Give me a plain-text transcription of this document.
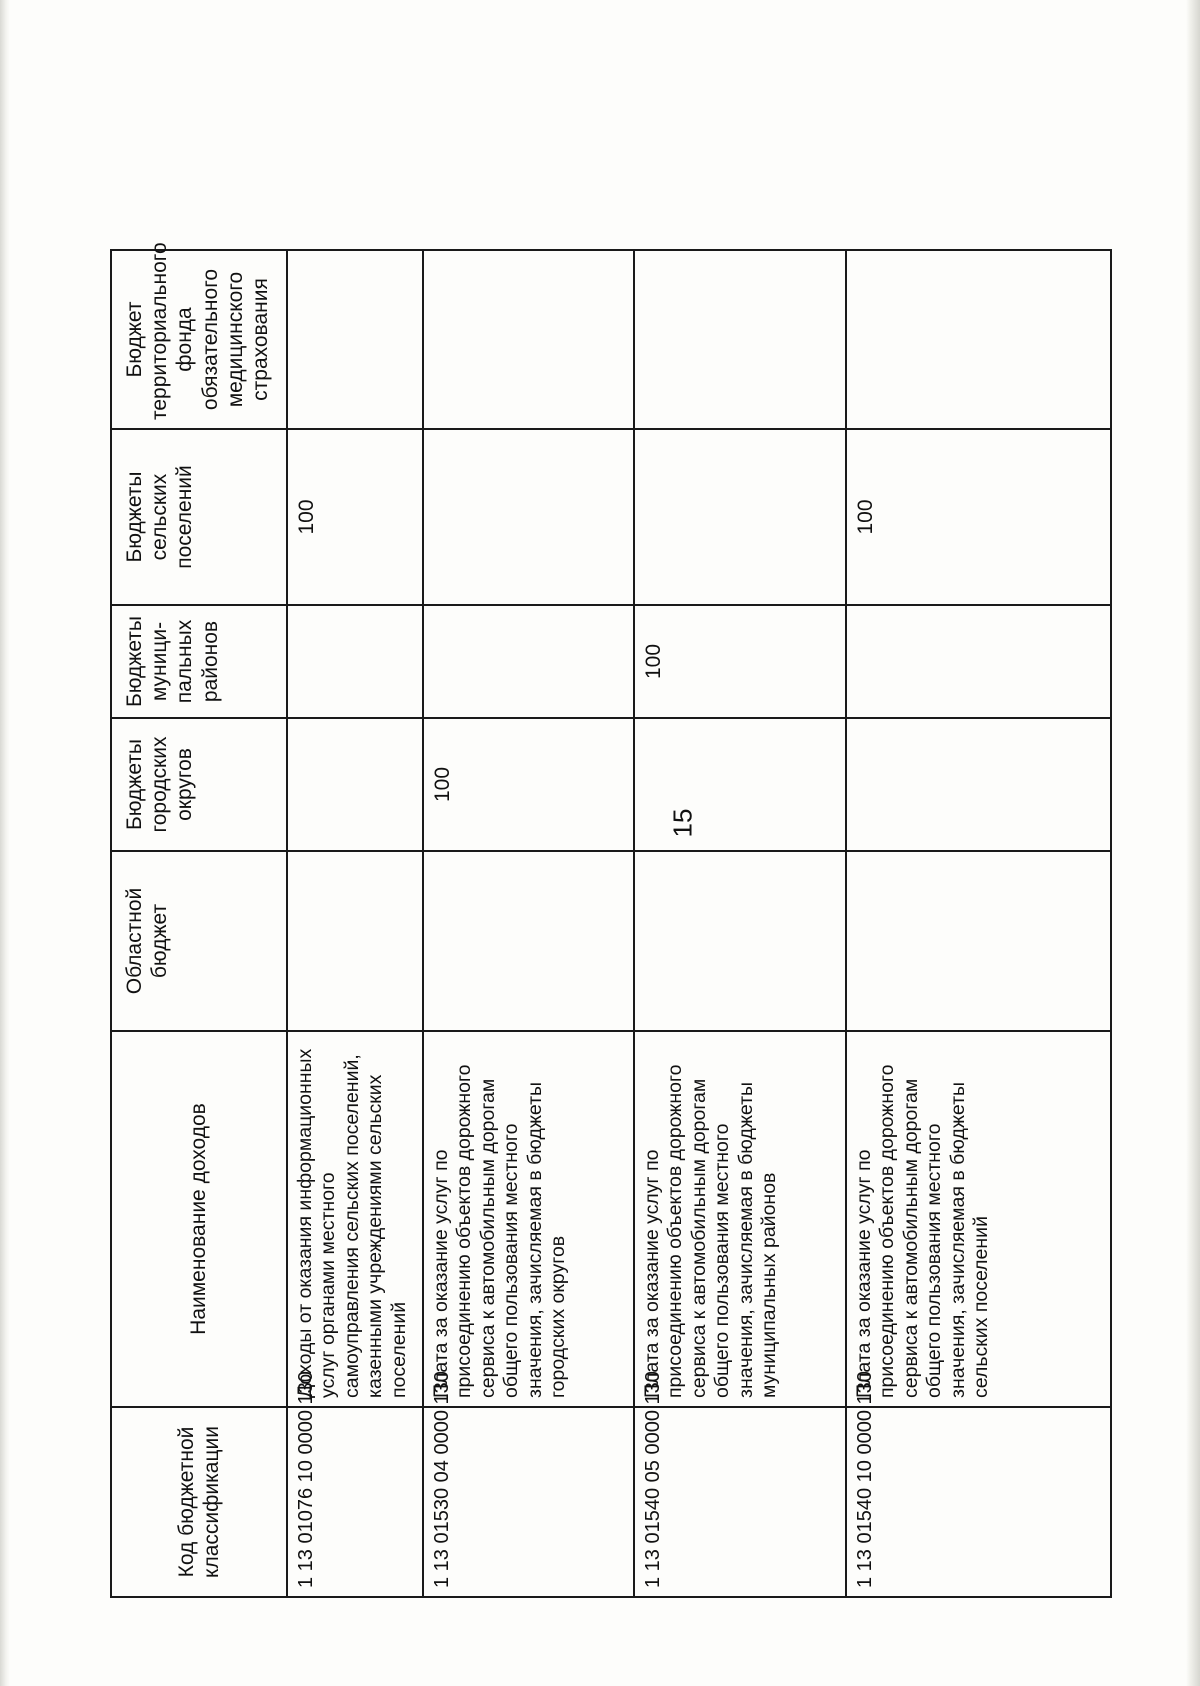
15
Код бюджетной классификации	Наименование доходов	Областной бюджет	Бюджеты городских округов	Бюджеты муници-пальных районов	Бюджеты сельских поселений	Бюджет территориального фонда обязательного медицинского страхования
1 13 01076 10 0000 130	Доходы от оказания информационных услуг органами местного самоуправления сельских поселений, казенными учреждениями сельских поселений				100	
1 13 01530 04 0000 130	Плата за оказание услуг по присоединению объектов дорожного сервиса к автомобильным дорогам общего пользования местного значения, зачисляемая в бюджеты городских округов		100			
1 13 01540 05 0000 130	Плата за оказание услуг по присоединению объектов дорожного сервиса к автомобильным дорогам общего пользования местного значения, зачисляемая в бюджеты муниципальных районов			100		
1 13 01540 10 0000 130	Плата за оказание услуг по присоединению объектов дорожного сервиса к автомобильным дорогам общего пользования местного значения, зачисляемая в бюджеты сельских поселений				100	
